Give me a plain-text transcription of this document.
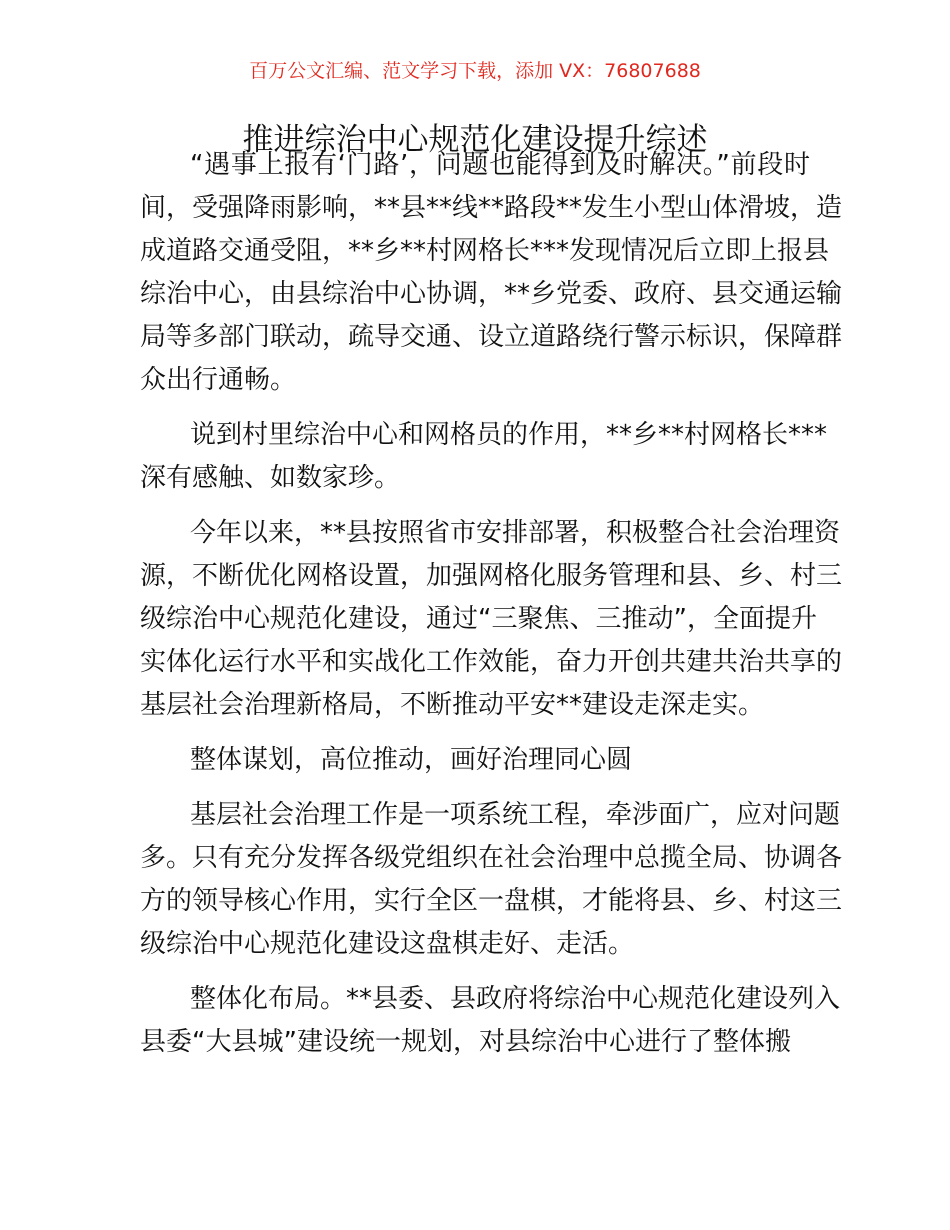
百万公文汇编、范文学习下载，添加 VX：76807688
推进综治中心规范化建设提升综述
“遇事上报有‘门路’，问题也能得到及时解决。”前段时
间，受强降雨影响，**县**线**路段**发生小型山体滑坡，造
成道路交通受阻，**乡**村网格长***发现情况后立即上报县
综治中心，由县综治中心协调，**乡党委、政府、县交通运输
局等多部门联动，疏导交通、设立道路绕行警示标识，保障群
众出行通畅。
说到村里综治中心和网格员的作用，**乡**村网格长***
深有感触、如数家珍。
今年以来，**县按照省市安排部署，积极整合社会治理资
源，不断优化网格设置，加强网格化服务管理和县、乡、村三
级综治中心规范化建设，通过“三聚焦、三推动”，全面提升
实体化运行水平和实战化工作效能，奋力开创共建共治共享的
基层社会治理新格局，不断推动平安**建设走深走实。
整体谋划，高位推动，画好治理同心圆
基层社会治理工作是一项系统工程，牵涉面广，应对问题
多。只有充分发挥各级党组织在社会治理中总揽全局、协调各
方的领导核心作用，实行全区一盘棋，才能将县、乡、村这三
级综治中心规范化建设这盘棋走好、走活。
整体化布局。**县委、县政府将综治中心规范化建设列入
县委“大县城”建设统一规划，对县综治中心进行了整体搬
